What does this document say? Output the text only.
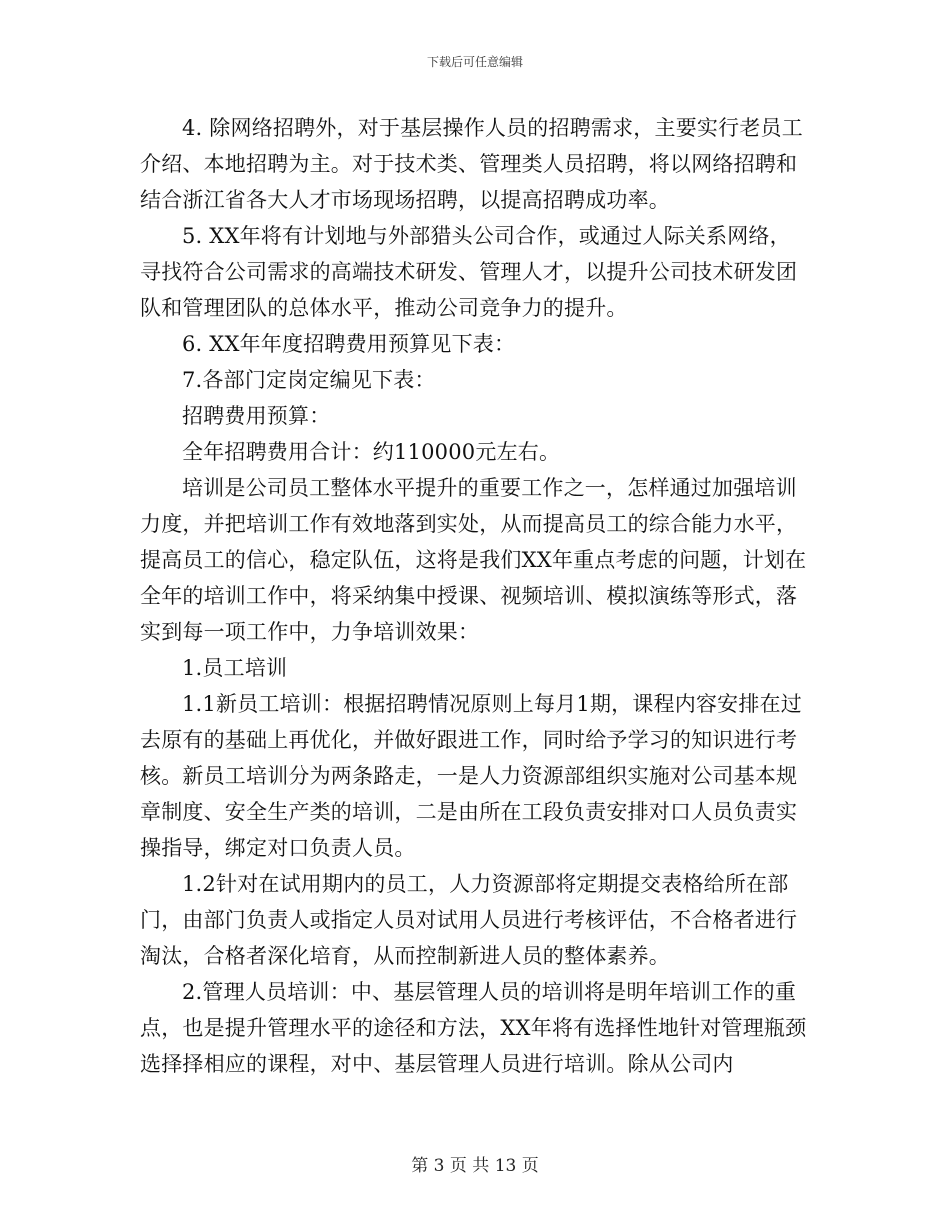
下载后可任意编辑

4. 除网络招聘外，对于基层操作人员的招聘需求，主要实行老员工介绍、本地招聘为主。对于技术类、管理类人员招聘，将以网络招聘和结合浙江省各大人才市场现场招聘，以提高招聘成功率。

5. XX年将有计划地与外部猎头公司合作，或通过人际关系网络，寻找符合公司需求的高端技术研发、管理人才，以提升公司技术研发团队和管理团队的总体水平，推动公司竞争力的提升。

6. XX年年度招聘费用预算见下表：

7.各部门定岗定编见下表：

招聘费用预算：

全年招聘费用合计：约110000元左右。

培训是公司员工整体水平提升的重要工作之一，怎样通过加强培训力度，并把培训工作有效地落到实处，从而提高员工的综合能力水平，提高员工的信心，稳定队伍，这将是我们XX年重点考虑的问题，计划在全年的培训工作中，将采纳集中授课、视频培训、模拟演练等形式，落实到每一项工作中，力争培训效果：

1.员工培训

1.1新员工培训：根据招聘情况原则上每月1期，课程内容安排在过去原有的基础上再优化，并做好跟进工作，同时给予学习的知识进行考核。新员工培训分为两条路走，一是人力资源部组织实施对公司基本规章制度、安全生产类的培训，二是由所在工段负责安排对口人员负责实操指导，绑定对口负责人员。

1.2针对在试用期内的员工，人力资源部将定期提交表格给所在部门，由部门负责人或指定人员对试用人员进行考核评估，不合格者进行淘汰，合格者深化培育，从而控制新进人员的整体素养。

2.管理人员培训：中、基层管理人员的培训将是明年培训工作的重点，也是提升管理水平的途径和方法，XX年将有选择性地针对管理瓶颈选择择相应的课程，对中、基层管理人员进行培训。除从公司内

第 3 页 共 13 页
